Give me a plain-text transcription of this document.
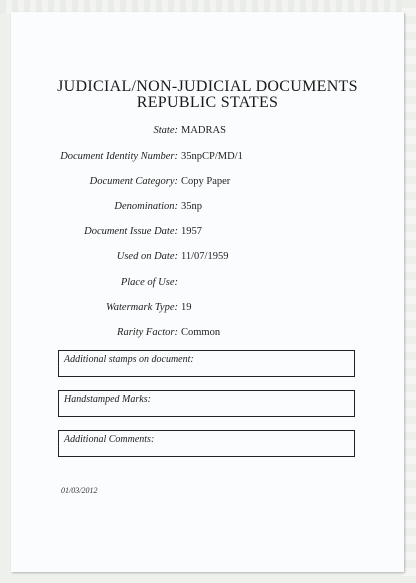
JUDICIAL/NON-JUDICIAL DOCUMENTS
REPUBLIC STATES
State: MADRAS
Document Identity Number: 35npCP/MD/1
Document Category: Copy Paper
Denomination: 35np
Document Issue Date: 1957
Used on Date: 11/07/1959
Place of Use:
Watermark Type: 19
Rarity Factor: Common
Additional stamps on document:
Handstamped Marks:
Additional Comments:
01/03/2012
